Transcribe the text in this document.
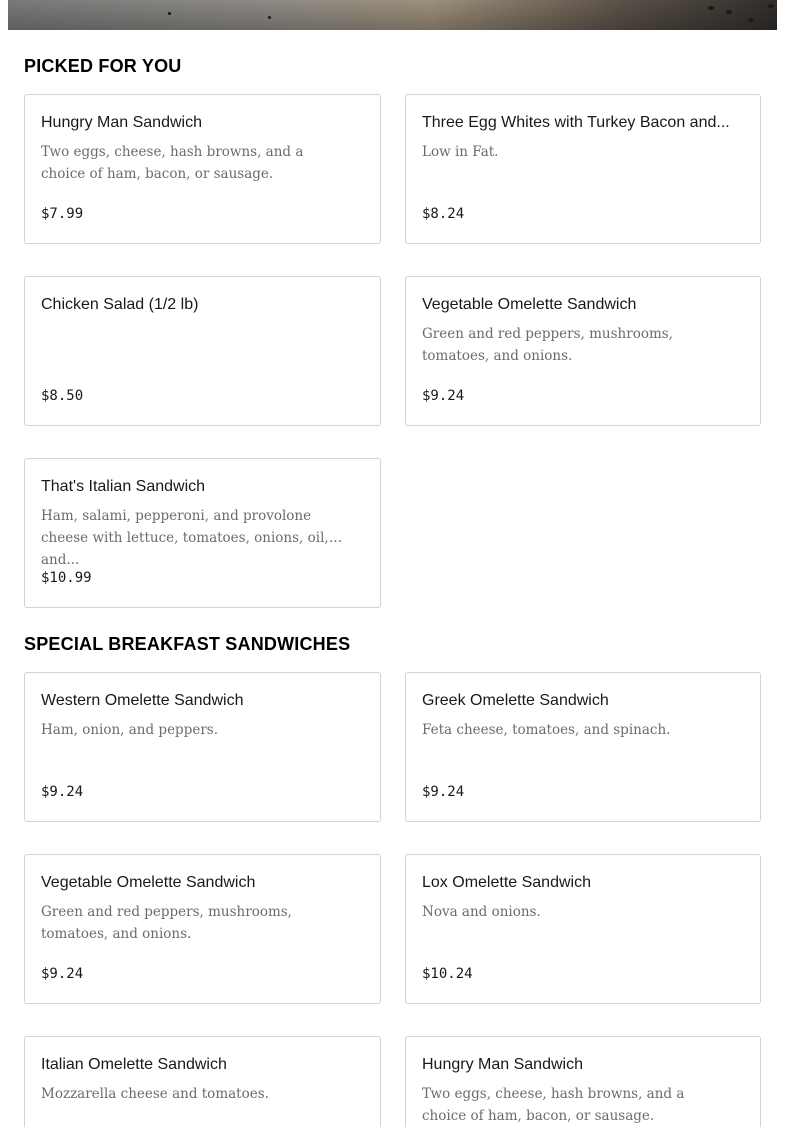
PICKED FOR YOU
Hungry Man Sandwich
Two eggs, cheese, hash browns, and a choice of ham, bacon, or sausage.
$7.99
Three Egg Whites with Turkey Bacon and...
Low in Fat.
$8.24
Chicken Salad (1/2 lb)
$8.50
Vegetable Omelette Sandwich
Green and red peppers, mushrooms, tomatoes, and onions.
$9.24
That's Italian Sandwich
Ham, salami, pepperoni, and provolone cheese with lettuce, tomatoes, onions, oil, and...
$10.99
SPECIAL BREAKFAST SANDWICHES
Western Omelette Sandwich
Ham, onion, and peppers.
$9.24
Greek Omelette Sandwich
Feta cheese, tomatoes, and spinach.
$9.24
Vegetable Omelette Sandwich
Green and red peppers, mushrooms, tomatoes, and onions.
$9.24
Lox Omelette Sandwich
Nova and onions.
$10.24
Italian Omelette Sandwich
Mozzarella cheese and tomatoes.
Hungry Man Sandwich
Two eggs, cheese, hash browns, and a choice of ham, bacon, or sausage.
